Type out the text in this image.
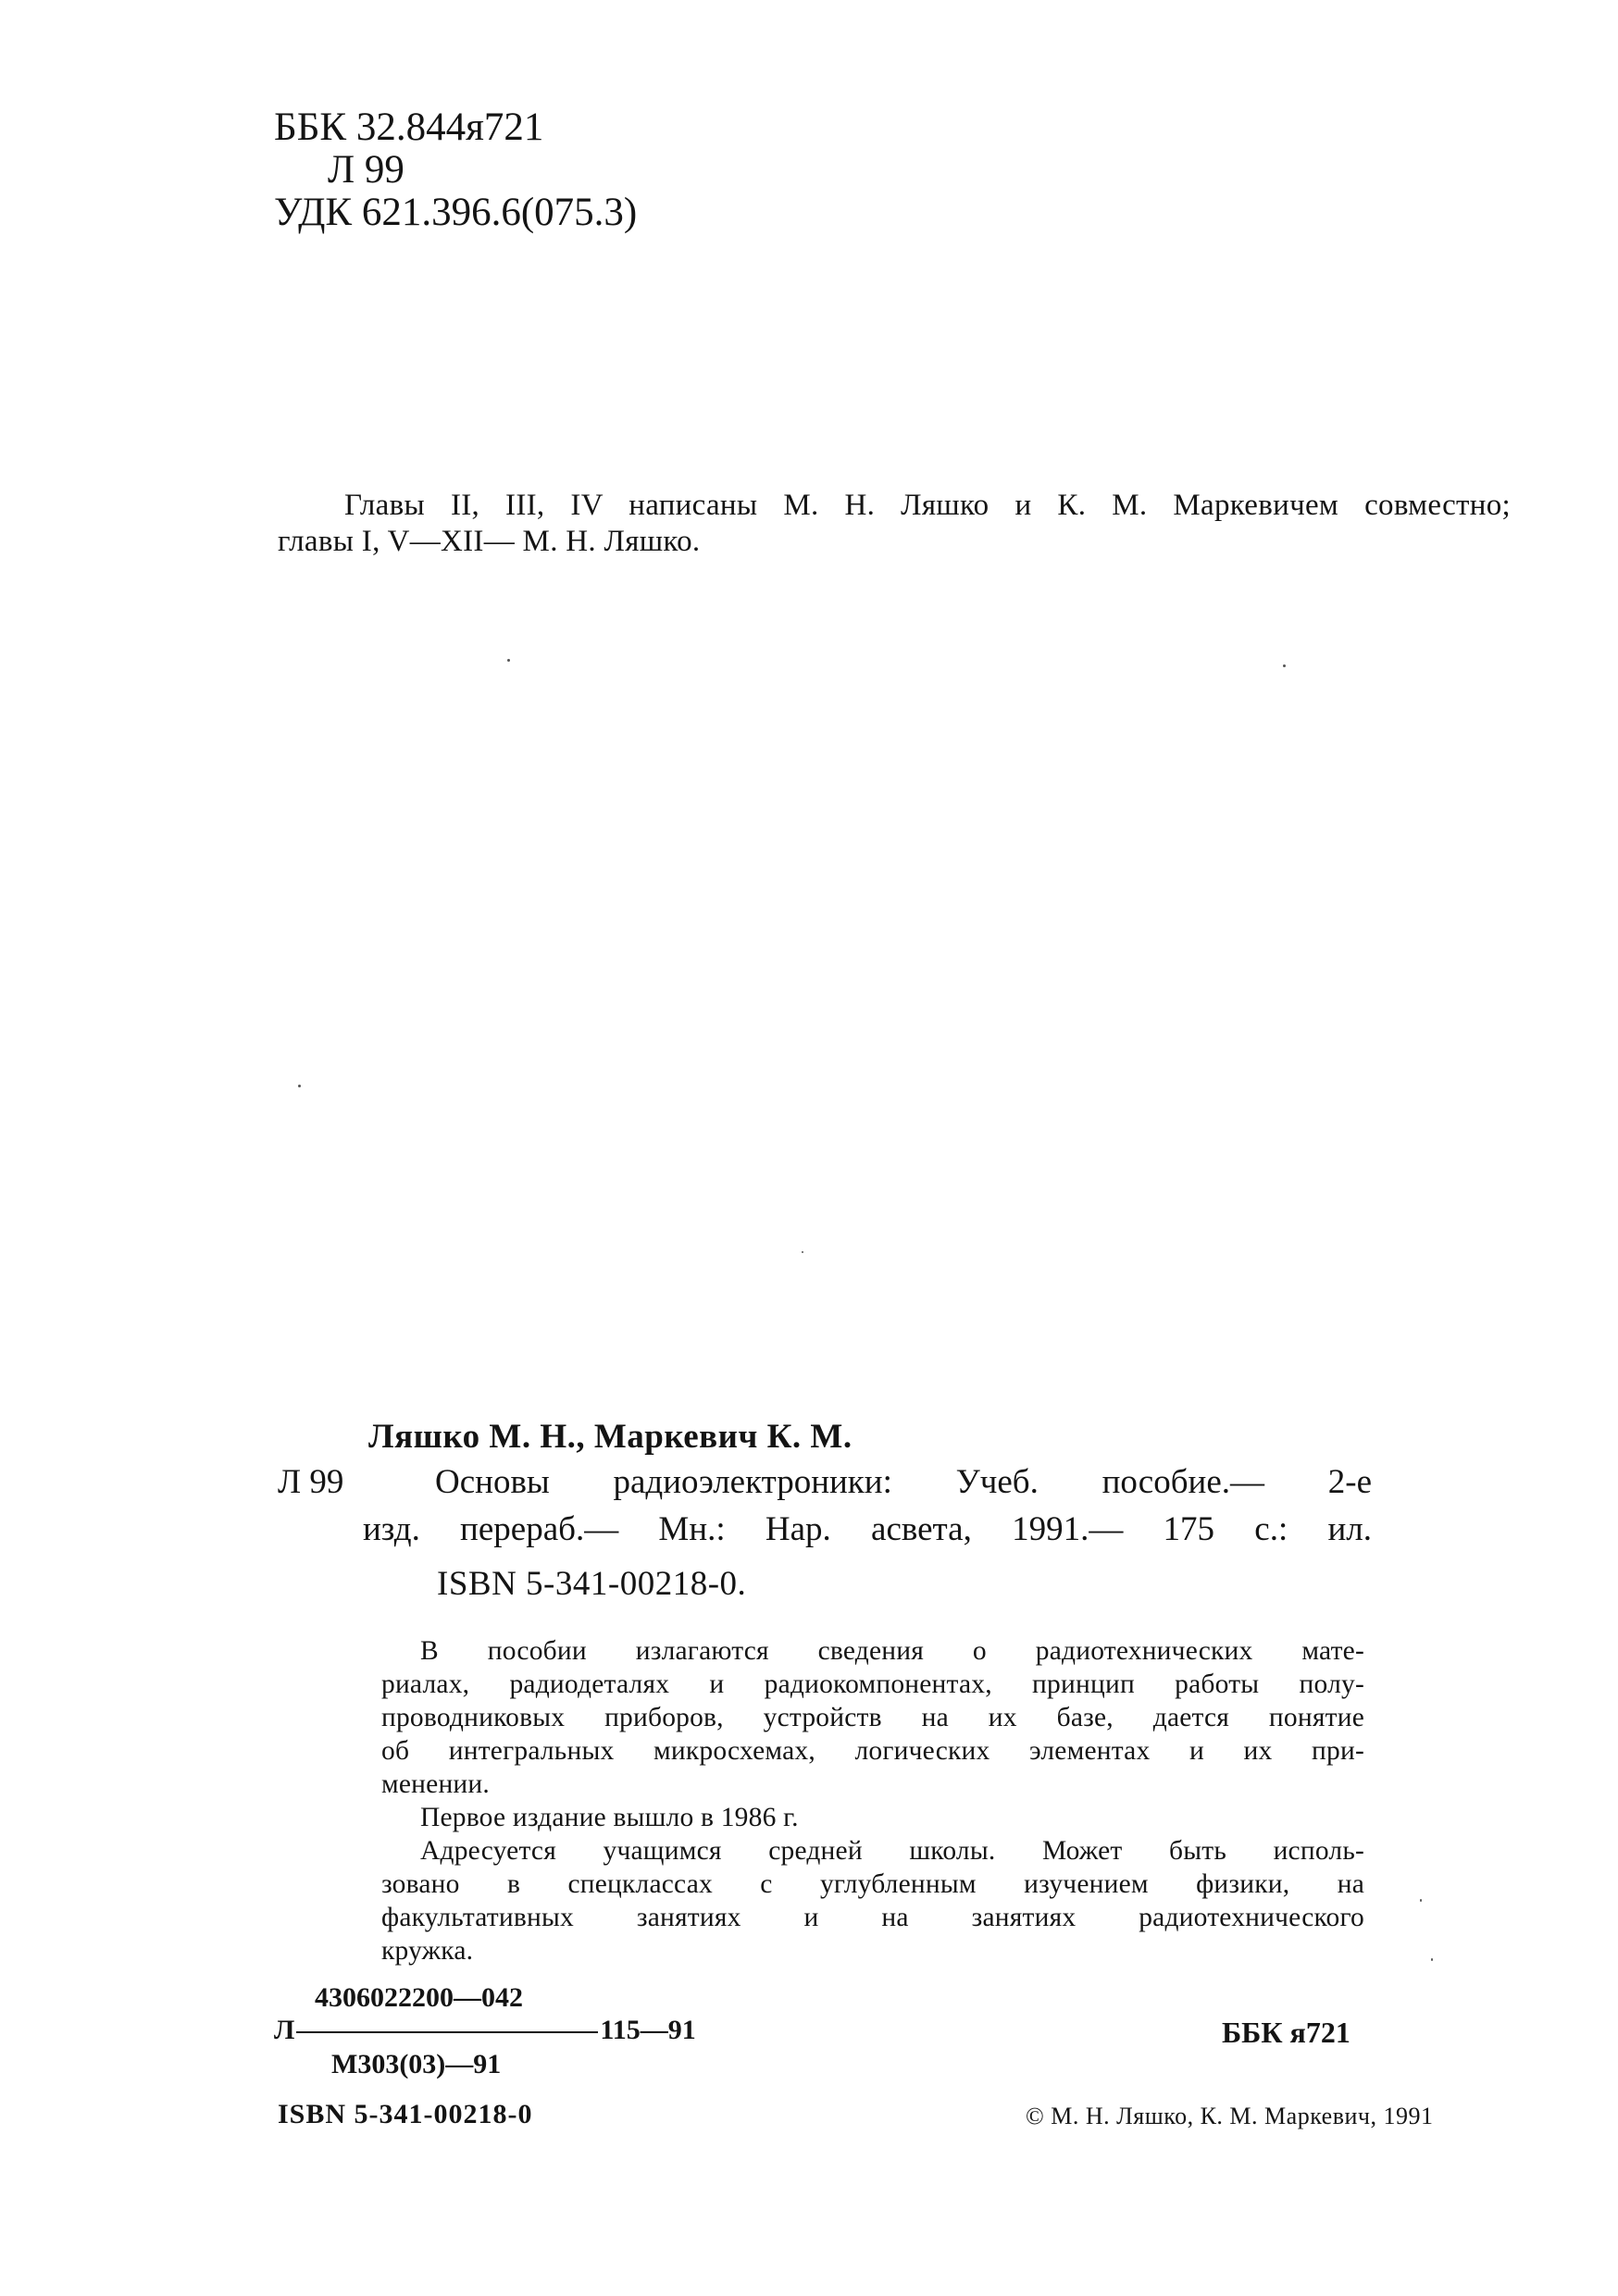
ББК 32.844я721
Л 99
УДК 621.396.6(075.3)
Главы II, III, IV написаны М. Н. Ляшко и К. М. Маркевичем совместно;
главы I, V—XII— М. Н. Ляшко.
Ляшко М. Н., Маркевич К. М.
Л 99	Основы радиоэлектроники: Учеб. пособие.— 2-е
изд. перераб.— Мн.: Нар. асвета, 1991.— 175 с.: ил.
ISBN 5-341-00218-0.

В пособии излагаются сведения о радиотехнических мате-

риалах, радиодеталях и радиокомпонентах, принцип работы полу-

проводниковых приборов, устройств на их базе, дается понятие

об интегральных микросхемах, логических элементах и их при-

менении.

Первое издание вышло в 1986 г.

Адресуется учащимся средней школы. Может быть исполь-

зовано в спецклассах с углубленным изучением физики, на

факультативных занятиях и на занятиях радиотехнического

кружка.

4306022200—042
Л	115—91
М303(03)—91
ББК я721
ISBN 5-341-00218-0	© М. Н. Ляшко, К. М. Маркевич, 1991
